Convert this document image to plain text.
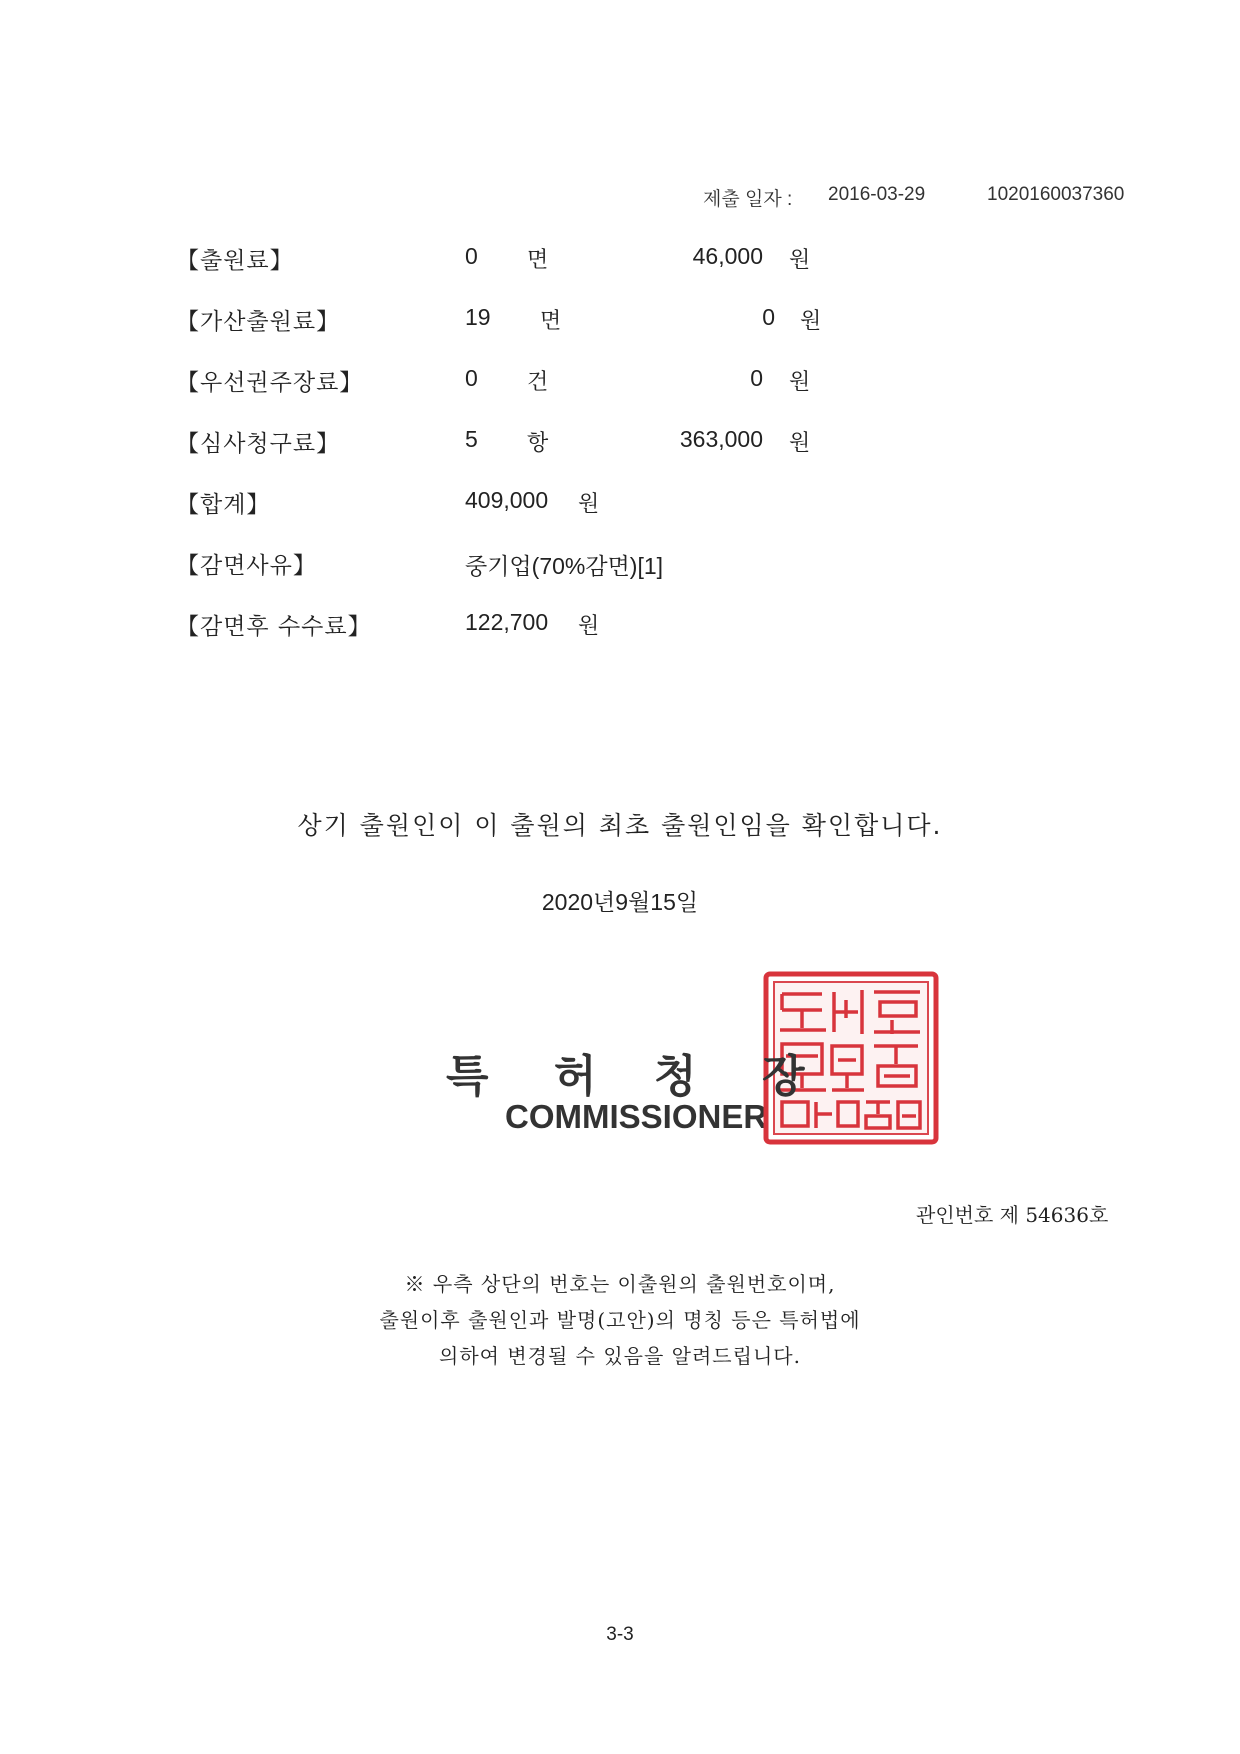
제출 일자 : 2016-03-29	1020160037360
【출원료】	0 면	46,000 원
【가산출원료】	19 면	0 원
【우선권주장료】	0 건	0 원
【심사청구료】	5 항	363,000 원
【합계】	409,000 원
【감면사유】	중기업(70%감면)[1]
【감면후 수수료】	122,700 원
상기 출원인이 이 출원의 최초 출원인임을 확인합니다.
2020년9월15일
특 허 청
COMMISSIONER
장
관인번호 제 54636호
※ 우측 상단의 번호는 이출원의 출원번호이며,
출원이후 출원인과 발명(고안)의 명칭 등은 특허법에
의하여 변경될 수 있음을 알려드립니다.
3-3
